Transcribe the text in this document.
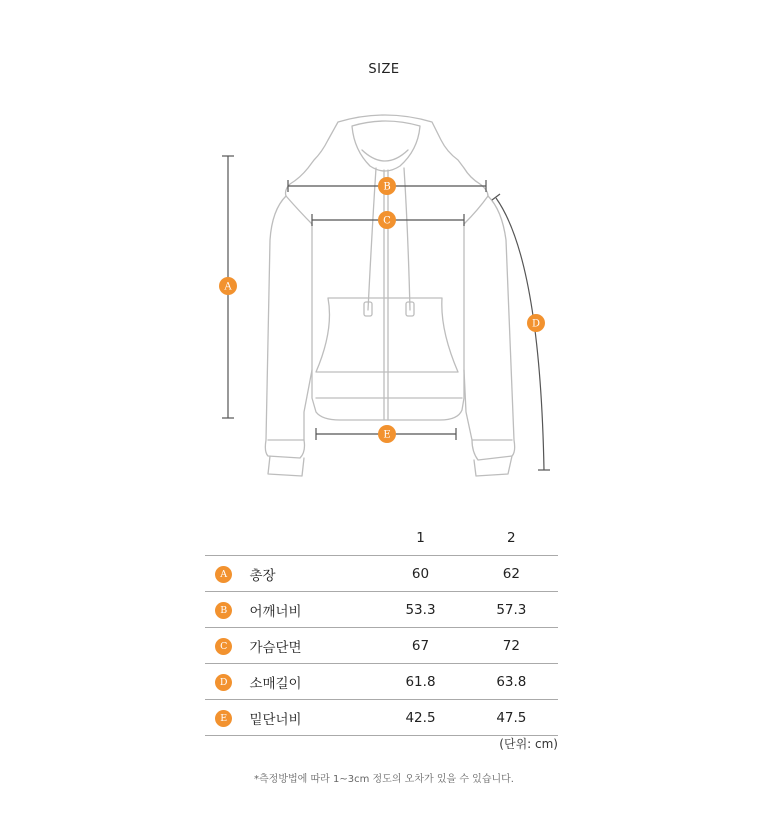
SIZE
A
B
C
D
E
		1	2
A	총장	60	62
B	어깨너비	53.3	57.3
C	가슴단면	67	72
D	소매길이	61.8	63.8
E	밑단너비	42.5	47.5
(단위: cm)
*측정방법에 따라 1~3cm 정도의 오차가 있을 수 있습니다.
